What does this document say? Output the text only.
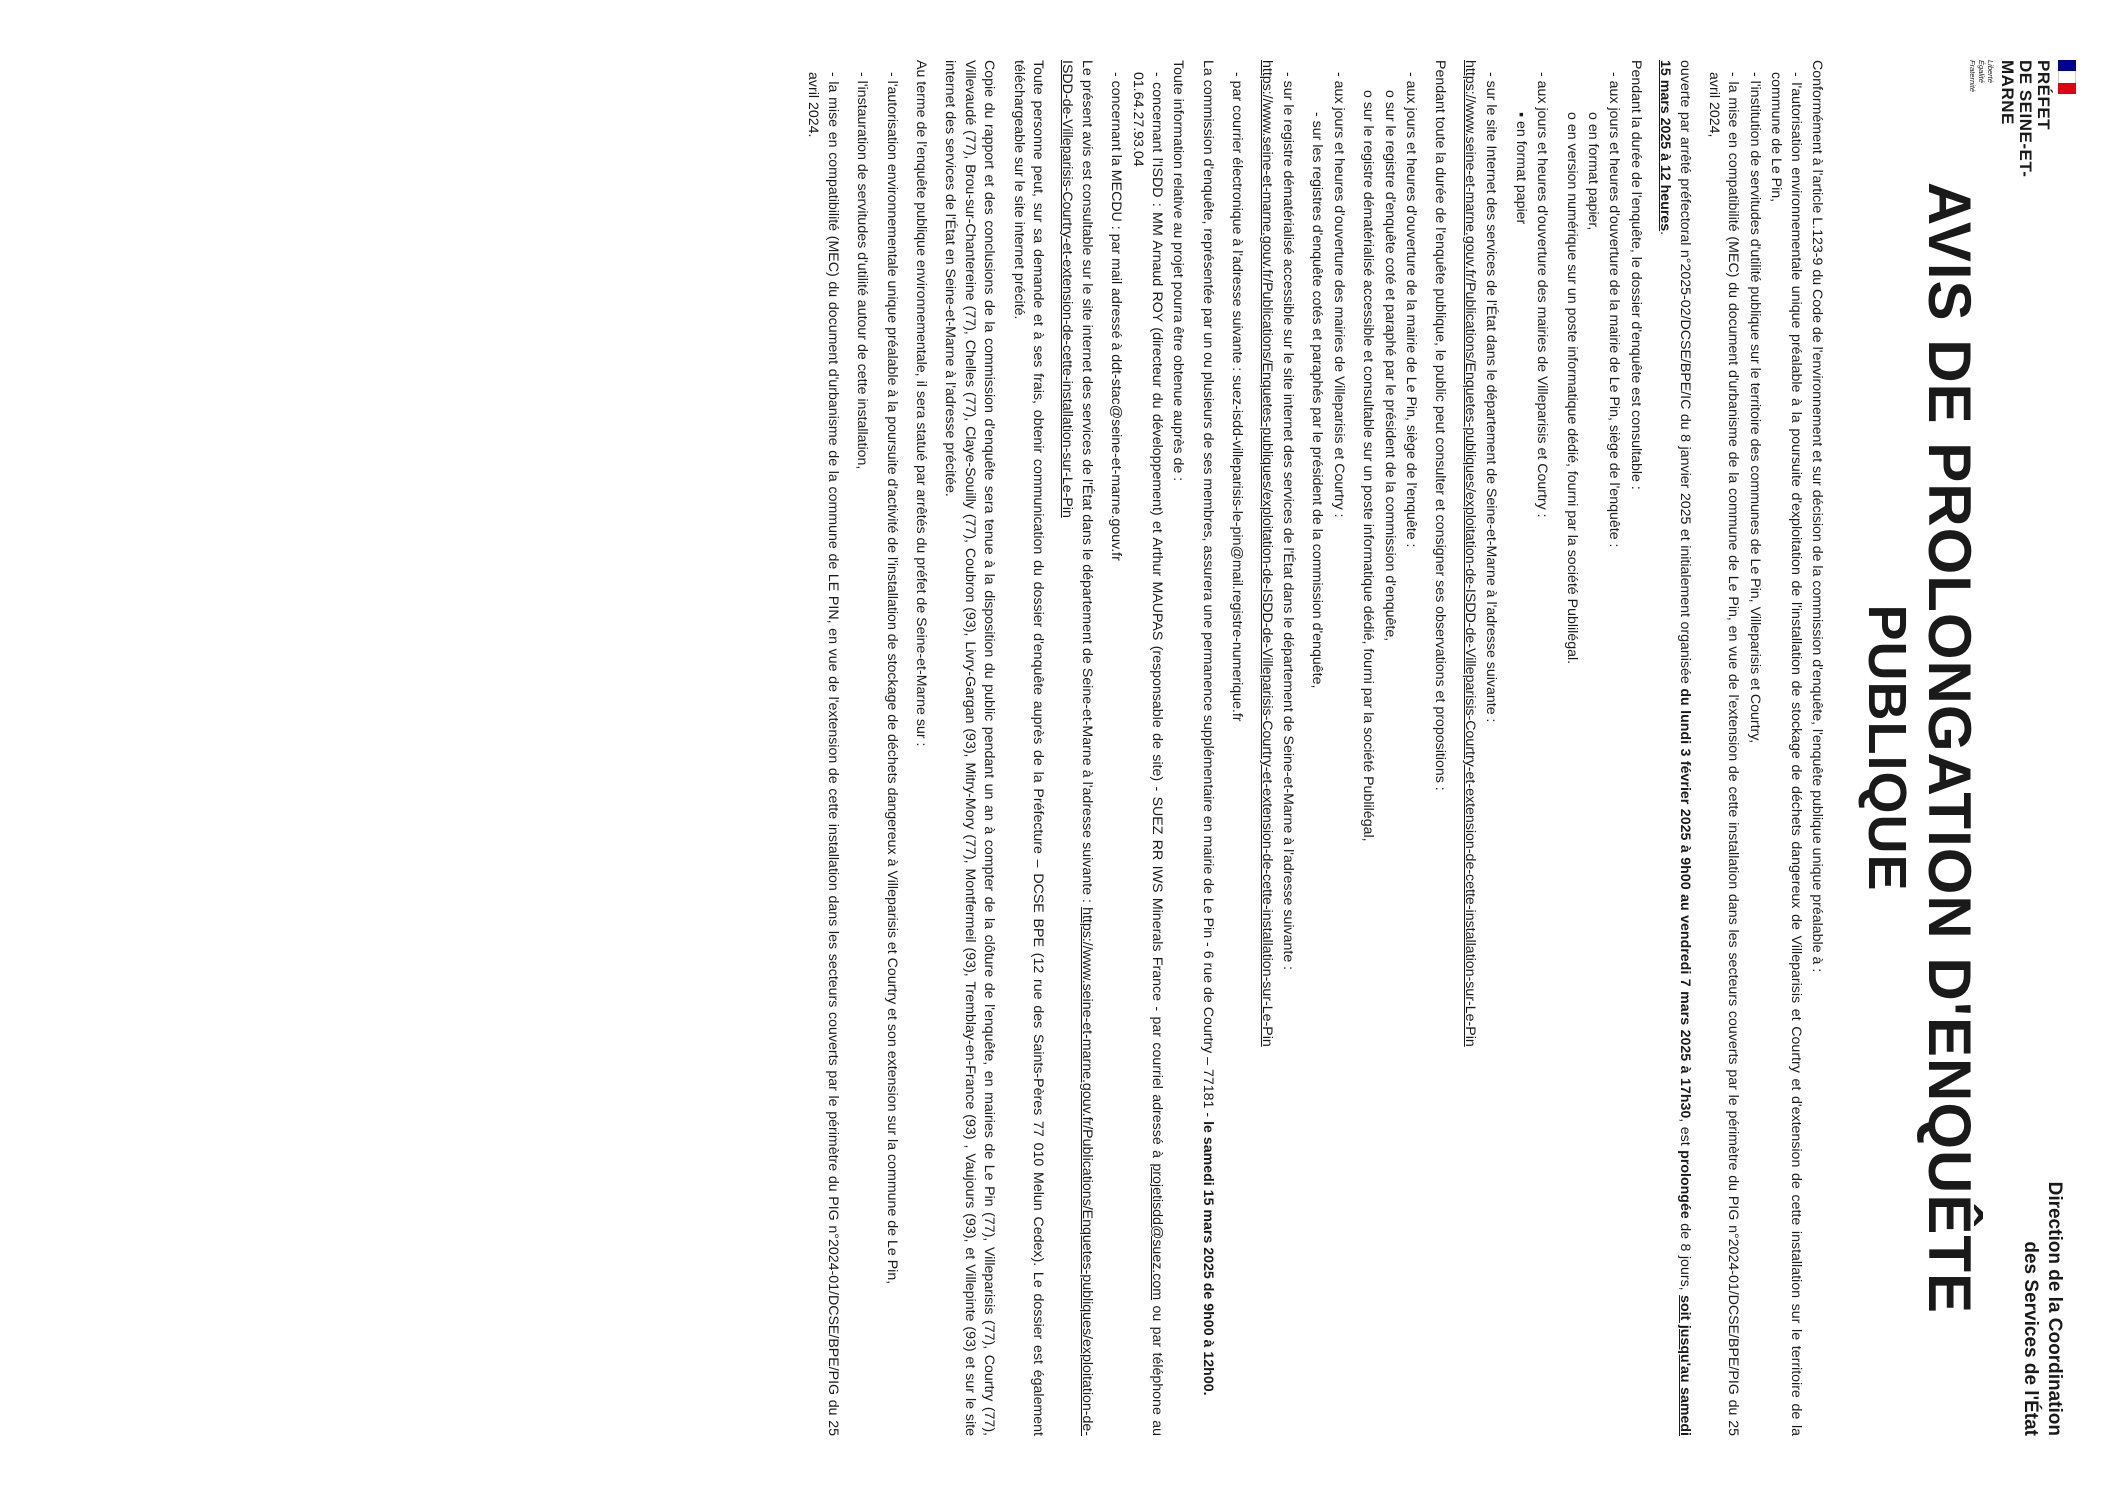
PRÉFET
DE SEINE-ET-MARNE
Liberté
Égalité
Fraternité
Direction de la Coordination
des Services de l'État
AVIS DE PROLONGATION D'ENQUÊTE
PUBLIQUE

Conformément à l'article L.123-9 du Code de l'environnement et sur décision de la commission d'enquête, l'enquête publique unique préalable à :

- l'autorisation environnementale unique préalable à la poursuite d'exploitation de l'installation de stockage de déchets dangereux de Villeparisis et Courtry et d'extension de cette installation sur le territoire de la commune de Le Pin,

- l'institution de servitudes d'utilité publique sur le territoire des communes de Le Pin, Villeparisis et Courtry,

- la mise en compatibilité (MEC) du document d'urbanisme de la commune de Le Pin, en vue de l'extension de cette installation dans les secteurs couverts par le périmètre du PIG n°2024-01/DCSE/BPE/PIG du 25 avril 2024,

ouverte par arrêté préfectoral n°2025-02/DCSE/BPE/IC du 8 janvier 2025 et initialement organisée du lundi 3 février 2025 à 9h00 au vendredi 7 mars 2025 à 17h30, est prolongée de 8 jours, soit jusqu'au samedi 15 mars 2025 à 12 heures.

Pendant la durée de l'enquête, le dossier d'enquête est consultable :

- aux jours et heures d'ouverture de la mairie de Le Pin, siège de l'enquête :

o en format papier,

o en version numérique sur un poste informatique dédié, fourni par la société Publilégal.

- aux jours et heures d'ouverture des mairies de Villeparisis et Courtry :

▪ en format papier

- sur le site Internet des services de l'État dans le département de Seine-et-Marne à l'adresse suivante :

https://www.seine-et-marne.gouv.fr/Publications/Enquetes-publiques/exploitation-de-ISDD-de-Villeparisis-Courtry-et-extension-de-cette-installation-sur-Le-Pin

Pendant toute la durée de l'enquête publique, le public peut consulter et consigner ses observations et propositions :

- aux jours et heures d'ouverture de la mairie de Le Pin, siège de l'enquête :

o sur le registre d'enquête coté et paraphé par le président de la commission d'enquête,

o sur le registre dématérialisé accessible et consultable sur un poste informatique dédié, fourni par la société Publilégal,

- aux jours et heures d'ouverture des mairies de Villeparisis et Courtry :

- sur les registres d'enquête cotés et paraphés par le président de la commission d'enquête,

- sur le registre dématérialisé accessible sur le site internet des services de l'État dans le département de Seine-et-Marne à l'adresse suivante :

https://www.seine-et-marne.gouv.fr/Publications/Enquetes-publiques/exploitation-de-ISDD-de-Villeparisis-Courtry-et-extension-de-cette-installation-sur-Le-Pin

- par courrier électronique à l'adresse suivante : suez-isdd-villeparisis-le-pin@mail.registre-numerique.fr

La commission d'enquête, représentée par un ou plusieurs de ses membres, assurera une permanence supplémentaire en mairie de Le Pin - 6 rue de Courtry – 77181 - le samedi 15 mars 2025 de 9h00 à 12h00.

Toute information relative au projet pourra être obtenue auprès de :

- concernant l'ISDD : MM Arnaud ROY (directeur du développement) et Arthur MAUPAS (responsable de site) - SUEZ RR IWS Minerals France - par courriel adressé à projetisdd@suez.com ou par téléphone au 01.64.27.93.04

- concernant la MECDU : par mail adressé à ddt-stac@seine-et-marne.gouv.fr

Le présent avis est consultable sur le site internet des services de l'État dans le département de Seine-et-Marne à l'adresse suivante : https://www.seine-et-marne.gouv.fr/Publications/Enquetes-publiques/exploitation-de-ISDD-de-Villeparisis-Courtry-et-extension-de-cette-installation-sur-Le-Pin

Toute personne peut, sur sa demande et à ses frais, obtenir communication du dossier d'enquête auprès de la Préfecture – DCSE BPE (12 rue des Saints-Pères 77 010 Melun Cedex). Le dossier est également téléchargeable sur le site internet précité.

Copie du rapport et des conclusions de la commission d'enquête sera tenue à la disposition du public pendant un an à compter de la clôture de l'enquête, en mairies de Le Pin (77), Villeparisis (77), Courtry (77), Villevaudé (77), Brou-sur-Chantereine (77), Chelles (77), Claye-Souilly (77), Coubron (93), Livry-Gargan (93), Mitry-Mory (77), Montfermeil (93), Tremblay-en-France (93) , Vaujours (93), et Villepinte (93) et sur le site internet des services de l'État en Seine-et-Marne à l'adresse précitée.

Au terme de l'enquête publique environnementale, il sera statué par arrêtés du préfet de Seine-et-Marne sur :

- l'autorisation environnementale unique préalable à la poursuite d'activité de l'installation de stockage de déchets dangereux à Villeparisis et Courtry et son extension sur la commune de Le Pin,

- l'instauration de servitudes d'utilité autour de cette installation,

- la mise en compatibilité (MEC) du document d'urbanisme de la commune de LE PIN, en vue de l'extension de cette installation dans les secteurs couverts par le périmètre du PIG n°2024-01/DCSE/BPE/PIG du 25 avril 2024.
